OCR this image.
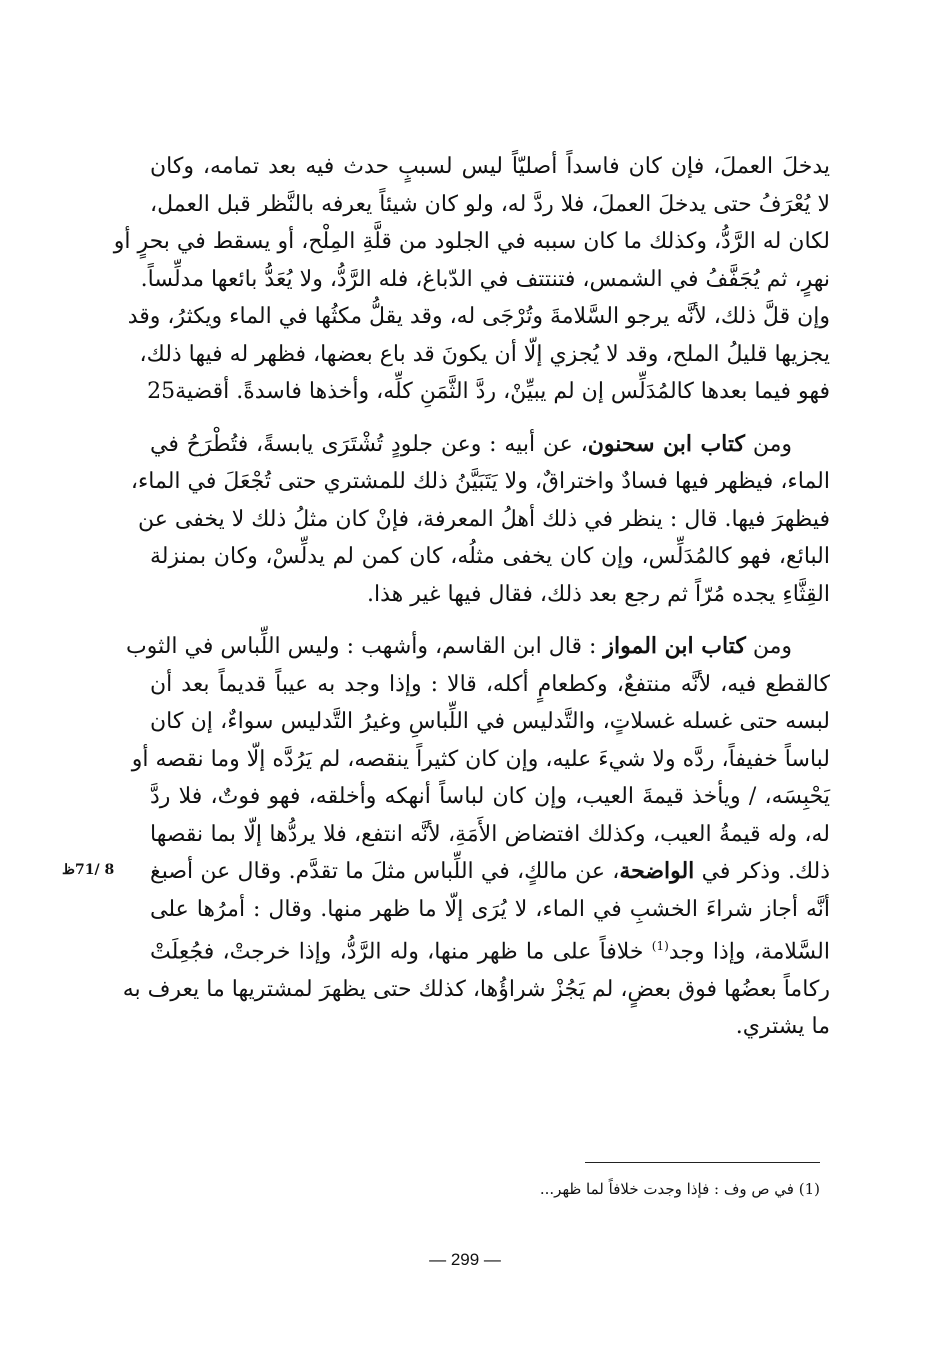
يدخلَ العملَ، فإن كان فاسداً أصليّاً ليس لسببٍ حدث فيه بعد تمامه، وكان
لا يُعْرَفُ حتى يدخلَ العملَ، فلا ردَّ له، ولو كان شيئاً يعرفه بالنَّظر قبل العمل،
لكان له الرَّدُّ، وكذلك ما كان سببه في الجلود من قلَّةِ المِلْح، أو يسقط في بحرٍ أو
نهرٍ، ثم يُجَفَّفُ في الشمس، فتنتتف في الدّباغ، فله الرَّدُّ، ولا يُعَدُّ بائعها مدلِّساً.
وإن قلَّ ذلك، لأنَّه يرجو السَّلامةَ وتُرْجَى له، وقد يقلُّ مكثُها في الماء ويكثرُ، وقد
يجزيها قليلُ الملح، وقد لا يُجزي إلّا أن يكونَ قد باع بعضها، فظهر له فيها ذلك،
فهو فيما بعدها كالمُدَلِّس إن لم يبيِّنْ، ردَّ الثَّمَنِ كلِّه، وأخذها فاسدةً. أقضية25
ومن كتاب ابن سحنون، عن أبيه : وعن جلودٍ تُشْتَرَى يابسةً، فتُطْرَحُ في
الماء، فيظهر فيها فسادٌ واختراقٌ، ولا يَتَبَيَّنُ ذلك للمشتري حتى تُجْعَلَ في الماء،
فيظهرَ فيها. قال : ينظر في ذلك أهلُ المعرفة، فإنْ كان مثلُ ذلك لا يخفى عن
البائع، فهو كالمُدَلِّس، وإن كان يخفى مثلُه، كان كمن لم يدلِّسْ، وكان بمنزلة
القِثَّاءِ يجده مُرّاً ثم رجع بعد ذلك، فقال فيها غير هذا.
ومن كتاب ابن المواز : قال ابن القاسم، وأشهب : وليس اللِّباس في الثوب
كالقطع فيه، لأنَّه منتفعٌ، وكطعامٍ أكله، قالا : وإذا وجد به عيباً قديماً بعد أن
لبسه حتى غسله غسلاتٍ، والتَّدليس في اللِّباسِ وغيرُ التَّدليس سواءٌ، إن كان
لباساً خفيفاً، ردَّه ولا شيءَ عليه، وإن كان كثيراً ينقصه، لم يَرُدَّه إلّا وما نقصه أو
يَحْبِسَه، / ويأخذ قيمةَ العيب، وإن كان لباساً أنهكه وأخلقه، فهو فوتٌ، فلا ردَّ
له، وله قيمةُ العيب، وكذلك افتضاض الأَمَةِ، لأنَّه انتفع، فلا يردُّها إلّا بما نقصها
ذلك. وذكر في الواضحة، عن مالكٍ، في اللِّباس مثلَ ما تقدَّم. وقال عن أصبغ
أنَّه أجاز شراءَ الخشبِ في الماء، لا يُرَى إلّا ما ظهر منها. وقال : أمرُها على
السَّلامة، وإذا وجد$^{(1)}$ خلافاً على ما ظهر منها، وله الرَّدُّ، وإذا خرجتْ، فجُعِلَتْ
ركاماً بعضُها فوق بعضٍ، لم يَجُزْ شراؤُها، كذلك حتى يظهرَ لمشتريها ما يعرف به
ما يشتري.
8 /71ظ
(1) في ص وف : فإذا وجدت خلافاً لما ظهر...
— 299 —
